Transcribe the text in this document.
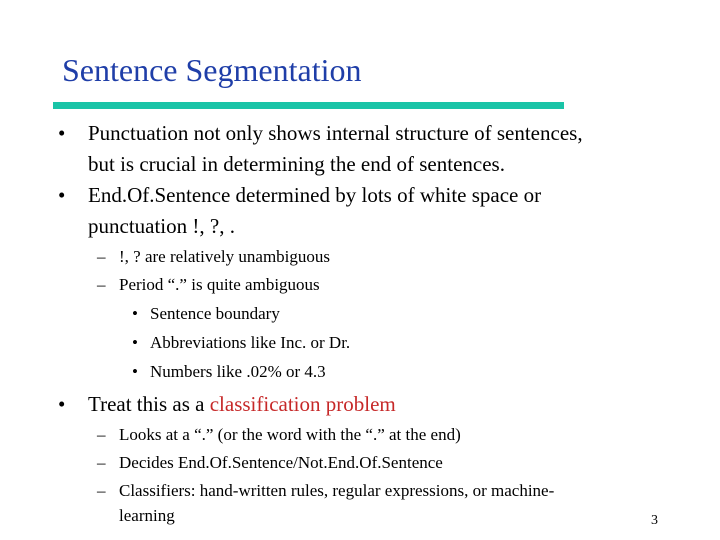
Sentence Segmentation
• Punctuation not only shows internal structure of sentences,
but is crucial in determining the end of sentences.
• End.Of.Sentence determined by lots of white space or
punctuation !, ?, .
– !, ? are relatively unambiguous
– Period “.” is quite ambiguous
• Sentence boundary
• Abbreviations like Inc. or Dr.
• Numbers like .02% or 4.3
• Treat this as a classification problem
– Looks at a “.” (or the word with the “.” at the end)
– Decides End.Of.Sentence/Not.End.Of.Sentence
– Classifiers: hand-written rules, regular expressions, or machine-
learning	3
